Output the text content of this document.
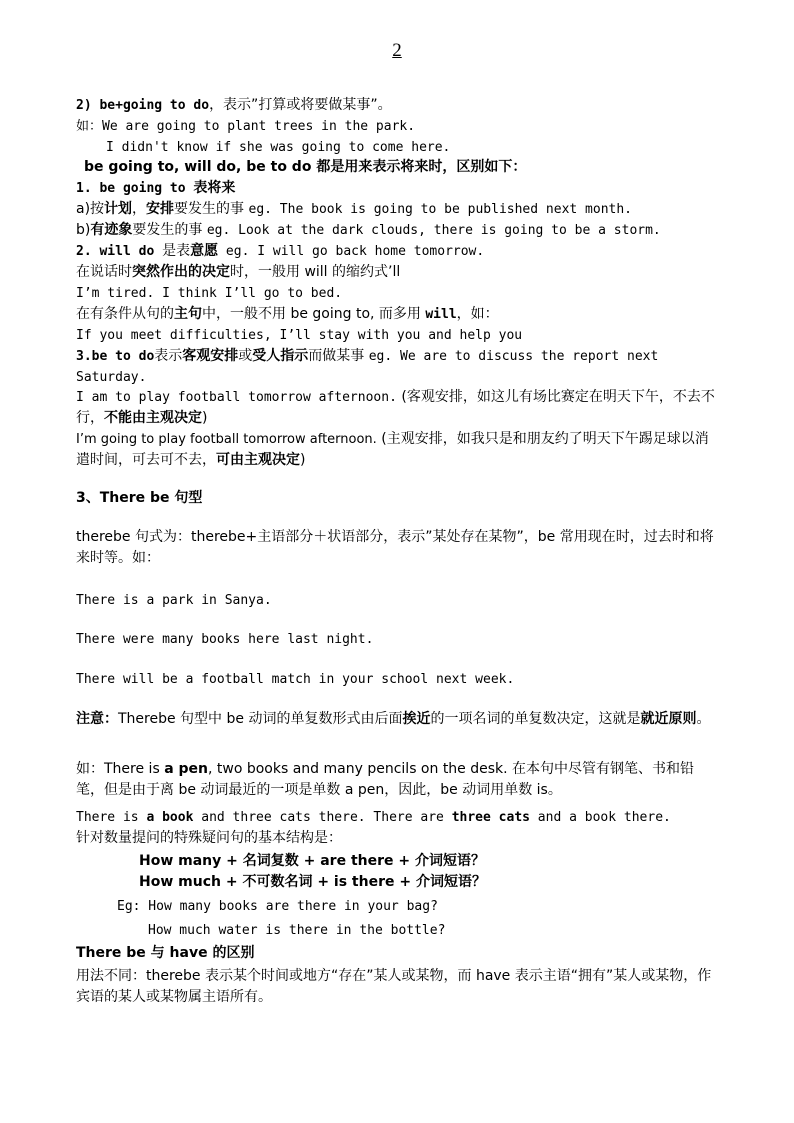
2
2) be+going to do，表示”打算或将要做某事”。
如：We are going to plant trees in the park.
I didn't know if she was going to come here.
be going to, will do, be to do 都是用来表示将来时，区别如下：
1. be going to 表将来
a)按计划，安排要发生的事 eg. The book is going to be published next month.
b)有迹象要发生的事 eg. Look at the dark clouds, there is going to be a storm.
2. will do 是表意愿 eg. I will go back home tomorrow.
在说话时突然作出的决定时，一般用 will 的缩约式’ll
I’m tired. I think I’ll go to bed.
在有条件从句的主句中，一般不用 be going to, 而多用 will，如：
If you meet difficulties, I’ll stay with you and help you
3.be to do表示客观安排或受人指示而做某事 eg. We are to discuss the report next Saturday.
I am to play football tomorrow afternoon. (客观安排，如这儿有场比赛定在明天下午，不去不行，不能由主观决定)
I’m going to play football tomorrow afternoon. (主观安排，如我只是和朋友约了明天下午踢足球以消遣时间，可去可不去，可由主观决定)
3、There be 句型
therebe 句式为：therebe+主语部分＋状语部分，表示”某处存在某物”，be 常用现在时，过去时和将来时等。如：
There is a park in Sanya.
There were many books here last night.
There will be a football match in your school next week.
注意：Therebe 句型中 be 动词的单复数形式由后面挨近的一项名词的单复数决定，这就是就近原则。
如：There is a pen, two books and many pencils on the desk. 在本句中尽管有钢笔、书和铅笔，但是由于离 be 动词最近的一项是单数 a pen，因此，be 动词用单数 is。
There is a book and three cats there. There are three cats and a book there.
针对数量提问的特殊疑问句的基本结构是：
How many + 名词复数 + are there + 介词短语？
How much + 不可数名词 + is there + 介词短语？
Eg: How many books are there in your bag?
How much water is there in the bottle?
There be 与 have 的区别
用法不同：therebe 表示某个时间或地方“存在”某人或某物，而 have 表示主语“拥有”某人或某物，作宾语的某人或某物属主语所有。
